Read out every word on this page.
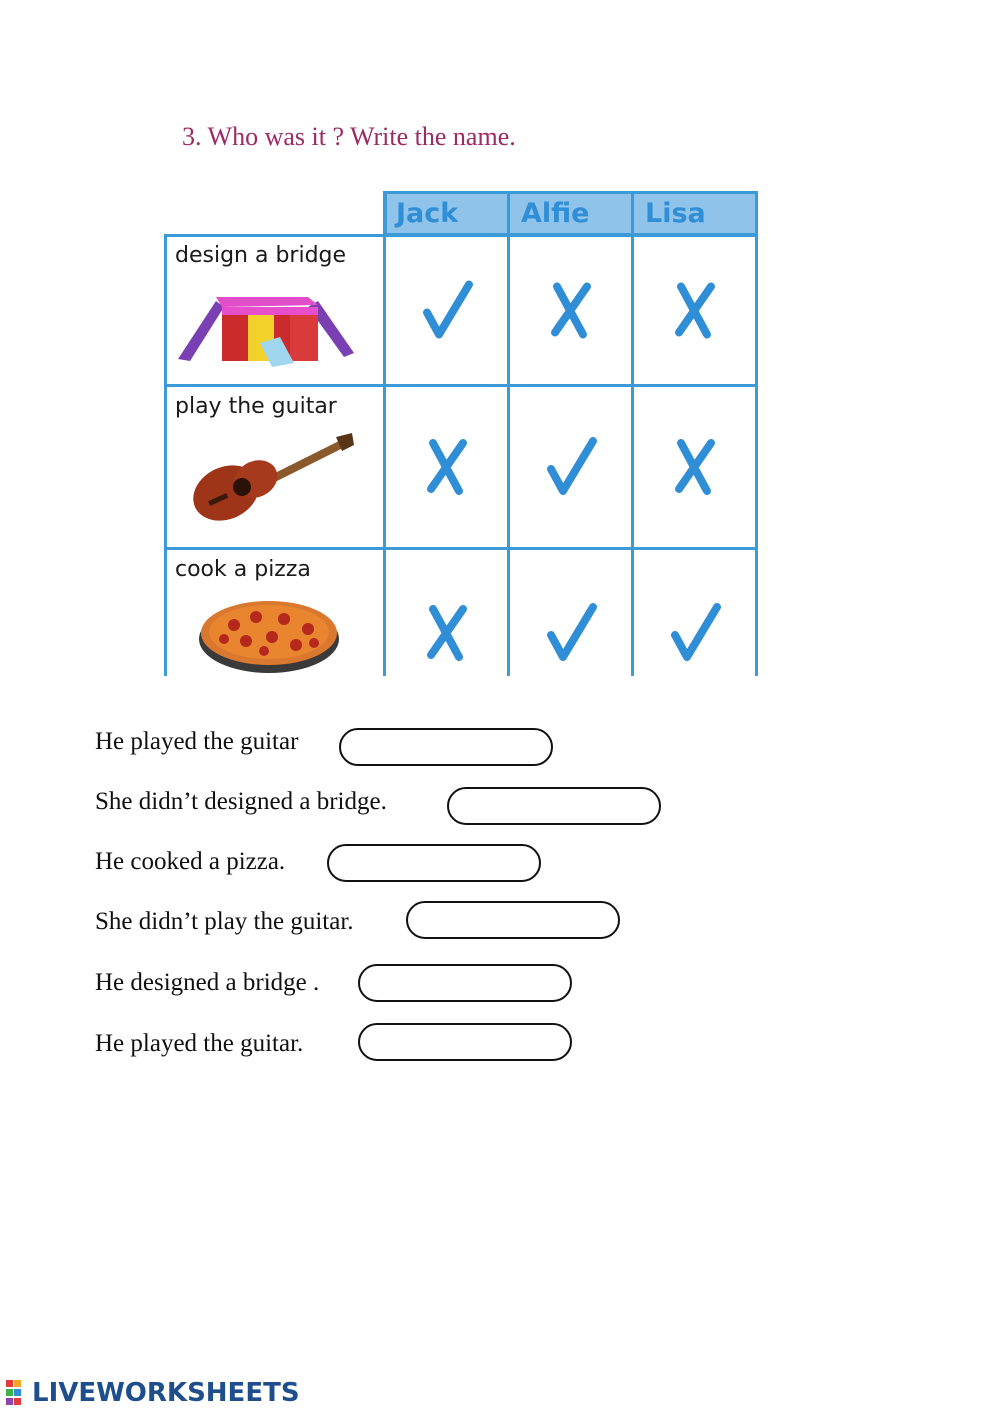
3. Who was it ? Write the name.
Jack	Alfie	Lisa
design a bridge
play the guitar
cook a pizza
He played the guitar
She didn’t designed a bridge.
He cooked a pizza.
She didn’t play the guitar.
He designed a bridge .
He played the guitar.
LIVEWORKSHEETS
